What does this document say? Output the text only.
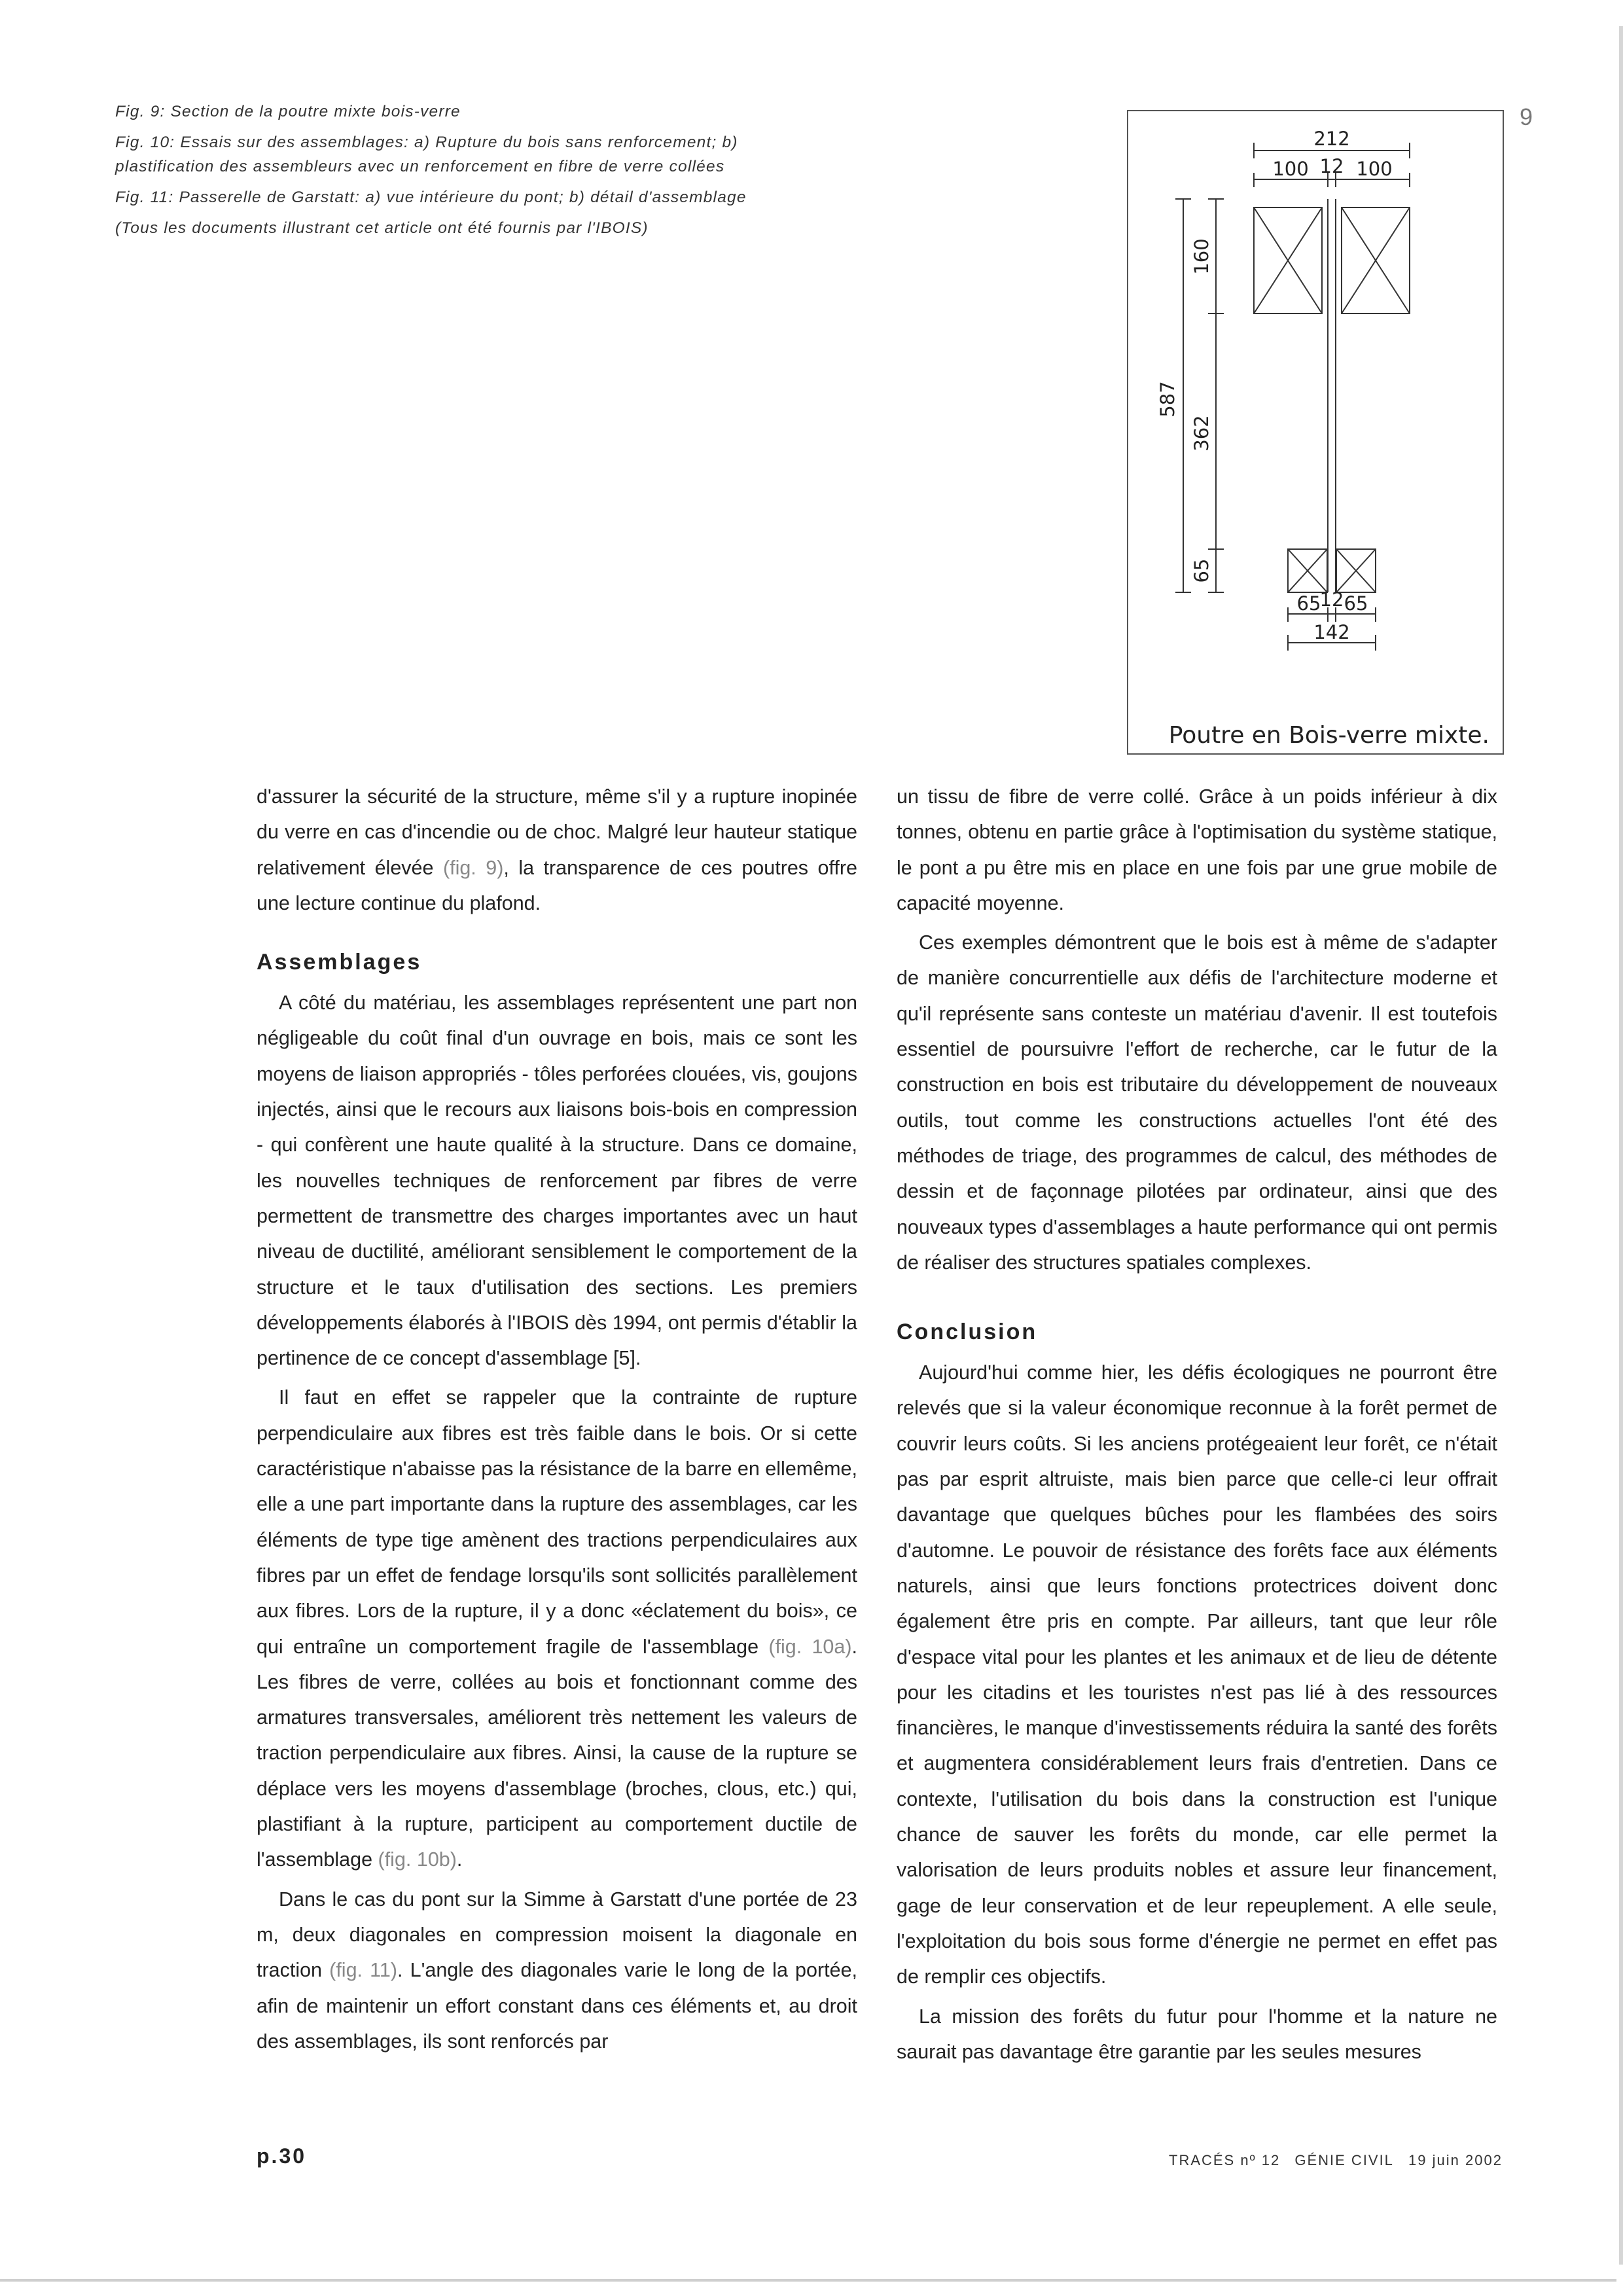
9

Fig. 9: Section de la poutre mixte bois-verre

Fig. 10: Essais sur des assemblages: a) Rupture du bois sans renforcement; b) plastification des assembleurs avec un renforcement en fibre de verre collées

Fig. 11: Passerelle de Garstatt: a) vue intérieure du pont; b) détail d'assemblage

(Tous les documents illustrant cet article ont été fournis par l'IBOIS)

212
100 12 100
587
160
362
65
65
12 65
142
Poutre en Bois-verre mixte.

d'assurer la sécurité de la structure, même s'il y a rupture inopinée du verre en cas d'incendie ou de choc. Malgré leur hauteur statique relativement élevée (fig. 9), la transparence de ces poutres offre une lecture continue du plafond.

Assemblages

A côté du matériau, les assemblages représentent une part non négligeable du coût final d'un ouvrage en bois, mais ce sont les moyens de liaison appropriés - tôles perforées clouées, vis, goujons injectés, ainsi que le recours aux liaisons bois-bois en compression - qui confèrent une haute qualité à la structure. Dans ce domaine, les nouvelles techniques de renforcement par fibres de verre permettent de transmettre des charges importantes avec un haut niveau de ductilité, améliorant sensiblement le comportement de la structure et le taux d'utilisation des sections. Les premiers développements élaborés à l'IBOIS dès 1994, ont permis d'établir la pertinence de ce concept d'assemblage [5].

Il faut en effet se rappeler que la contrainte de rupture perpendiculaire aux fibres est très faible dans le bois. Or si cette caractéristique n'abaisse pas la résistance de la barre en ellemême, elle a une part importante dans la rupture des assemblages, car les éléments de type tige amènent des tractions perpendiculaires aux fibres par un effet de fendage lorsqu'ils sont sollicités parallèlement aux fibres. Lors de la rupture, il y a donc «éclatement du bois», ce qui entraîne un comportement fragile de l'assemblage (fig. 10a). Les fibres de verre, collées au bois et fonctionnant comme des armatures transversales, améliorent très nettement les valeurs de traction perpendiculaire aux fibres. Ainsi, la cause de la rupture se déplace vers les moyens d'assemblage (broches, clous, etc.) qui, plastifiant à la rupture, participent au comportement ductile de l'assemblage (fig. 10b).

Dans le cas du pont sur la Simme à Garstatt d'une portée de 23 m, deux diagonales en compression moisent la diagonale en traction (fig. 11). L'angle des diagonales varie le long de la portée, afin de maintenir un effort constant dans ces éléments et, au droit des assemblages, ils sont renforcés par

un tissu de fibre de verre collé. Grâce à un poids inférieur à dix tonnes, obtenu en partie grâce à l'optimisation du système statique, le pont a pu être mis en place en une fois par une grue mobile de capacité moyenne.

Ces exemples démontrent que le bois est à même de s'adapter de manière concurrentielle aux défis de l'architecture moderne et qu'il représente sans conteste un matériau d'avenir. Il est toutefois essentiel de poursuivre l'effort de recherche, car le futur de la construction en bois est tributaire du développement de nouveaux outils, tout comme les constructions actuelles l'ont été des méthodes de triage, des programmes de calcul, des méthodes de dessin et de façonnage pilotées par ordinateur, ainsi que des nouveaux types d'assemblages a haute performance qui ont permis de réaliser des structures spatiales complexes.

Conclusion

Aujourd'hui comme hier, les défis écologiques ne pourront être relevés que si la valeur économique reconnue à la forêt permet de couvrir leurs coûts. Si les anciens protégeaient leur forêt, ce n'était pas par esprit altruiste, mais bien parce que celle-ci leur offrait davantage que quelques bûches pour les flambées des soirs d'automne. Le pouvoir de résistance des forêts face aux éléments naturels, ainsi que leurs fonctions protectrices doivent donc également être pris en compte. Par ailleurs, tant que leur rôle d'espace vital pour les plantes et les animaux et de lieu de détente pour les citadins et les touristes n'est pas lié à des ressources financières, le manque d'investissements réduira la santé des forêts et augmentera considérablement leurs frais d'entretien. Dans ce contexte, l'utilisation du bois dans la construction est l'unique chance de sauver les forêts du monde, car elle permet la valorisation de leurs produits nobles et assure leur financement, gage de leur conservation et de leur repeuplement. A elle seule, l'exploitation du bois sous forme d'énergie ne permet en effet pas de remplir ces objectifs.

La mission des forêts du futur pour l'homme et la nature ne saurait pas davantage être garantie par les seules mesures

p.30	TRACÉS nº 12 GÉNIE CIVIL 19 juin 2002
